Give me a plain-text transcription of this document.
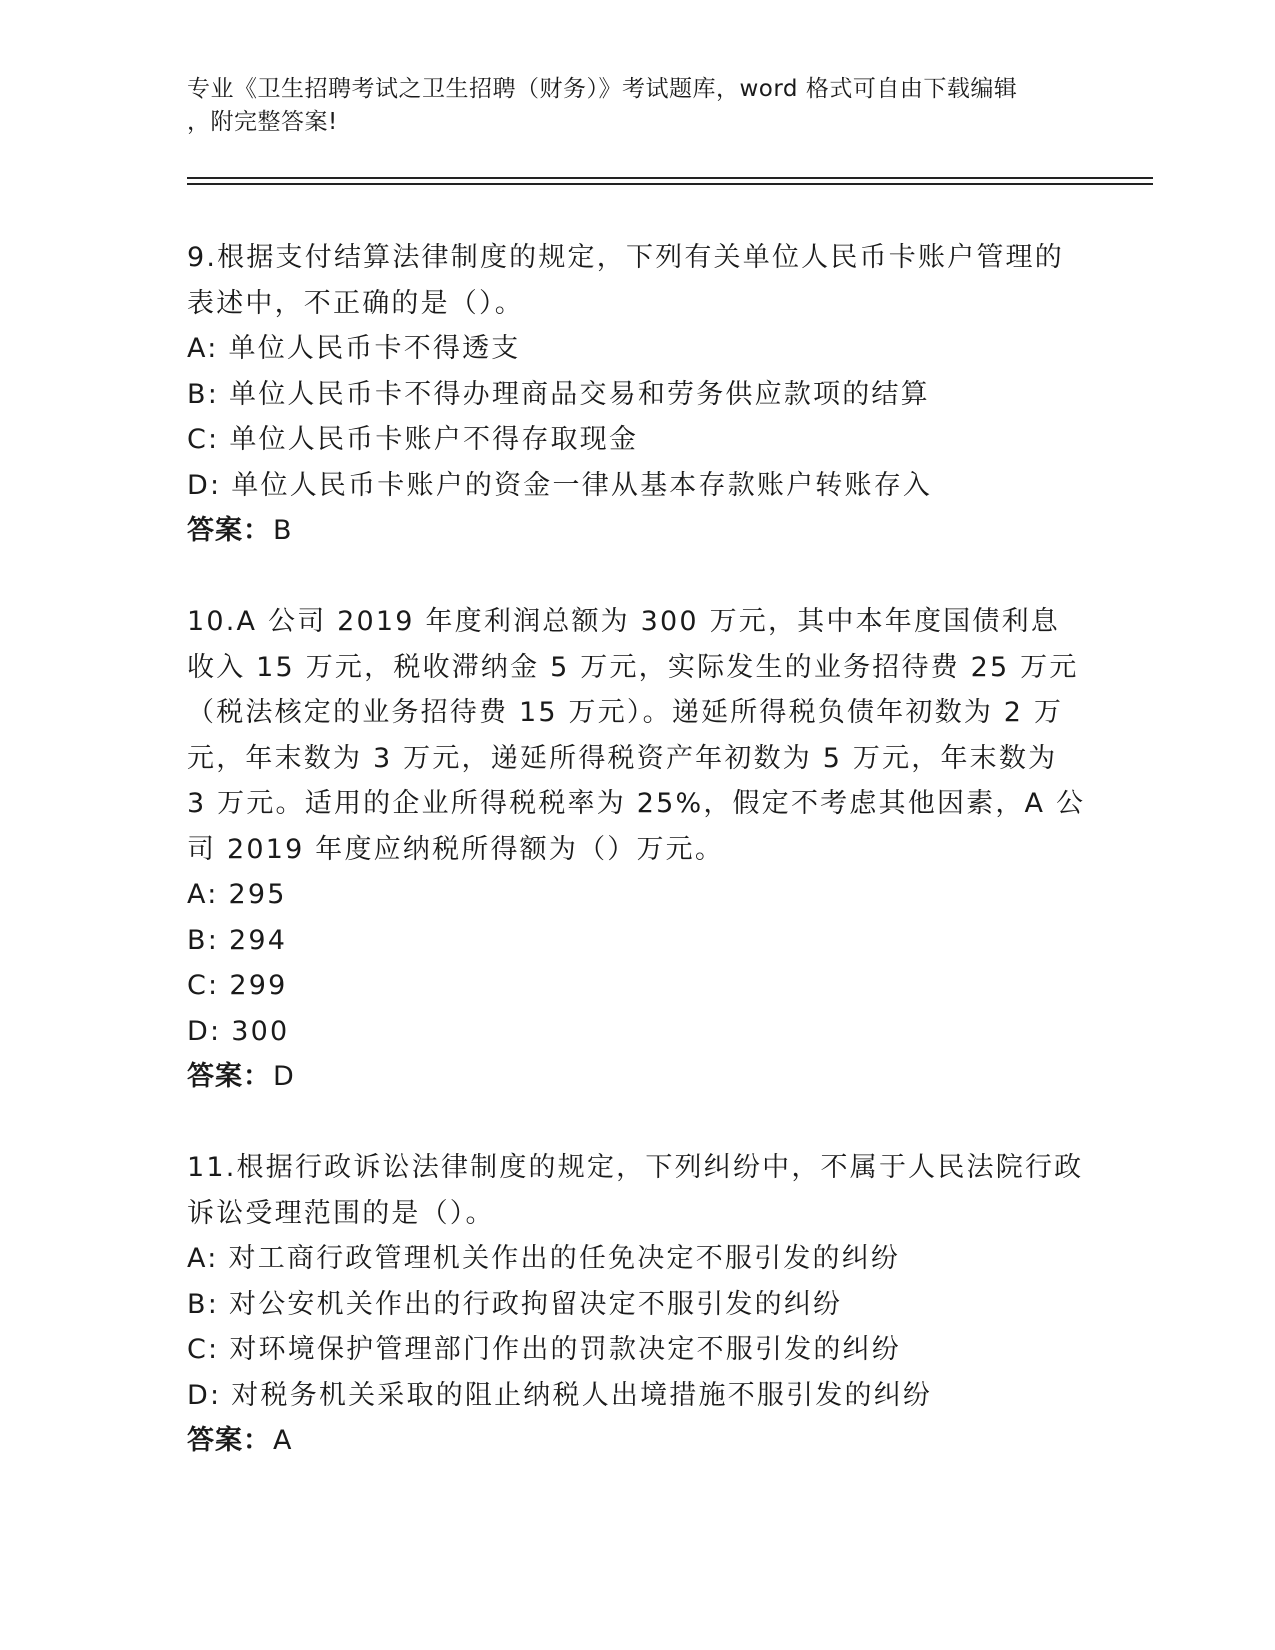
专业《卫生招聘考试之卫生招聘（财务）》考试题库，word 格式可自由下载编辑
，附完整答案!

9.根据支付结算法律制度的规定，下列有关单位人民币卡账户管理的表述中，不正确的是（）。

A: 单位人民币卡不得透支

B: 单位人民币卡不得办理商品交易和劳务供应款项的结算

C: 单位人民币卡账户不得存取现金

D: 单位人民币卡账户的资金一律从基本存款账户转账存入

答案：B

10.A 公司 2019 年度利润总额为 300 万元，其中本年度国债利息收入 15 万元，税收滞纳金 5 万元，实际发生的业务招待费 25 万元（税法核定的业务招待费 15 万元）。递延所得税负债年初数为 2 万元，年末数为 3 万元，递延所得税资产年初数为 5 万元，年末数为 3 万元。适用的企业所得税税率为 25%，假定不考虑其他因素，A 公司 2019 年度应纳税所得额为（）万元。

A: 295

B: 294

C: 299

D: 300

答案：D

11.根据行政诉讼法律制度的规定，下列纠纷中，不属于人民法院行政诉讼受理范围的是（）。

A: 对工商行政管理机关作出的任免决定不服引发的纠纷

B: 对公安机关作出的行政拘留决定不服引发的纠纷

C: 对环境保护管理部门作出的罚款决定不服引发的纠纷

D: 对税务机关采取的阻止纳税人出境措施不服引发的纠纷

答案：A
